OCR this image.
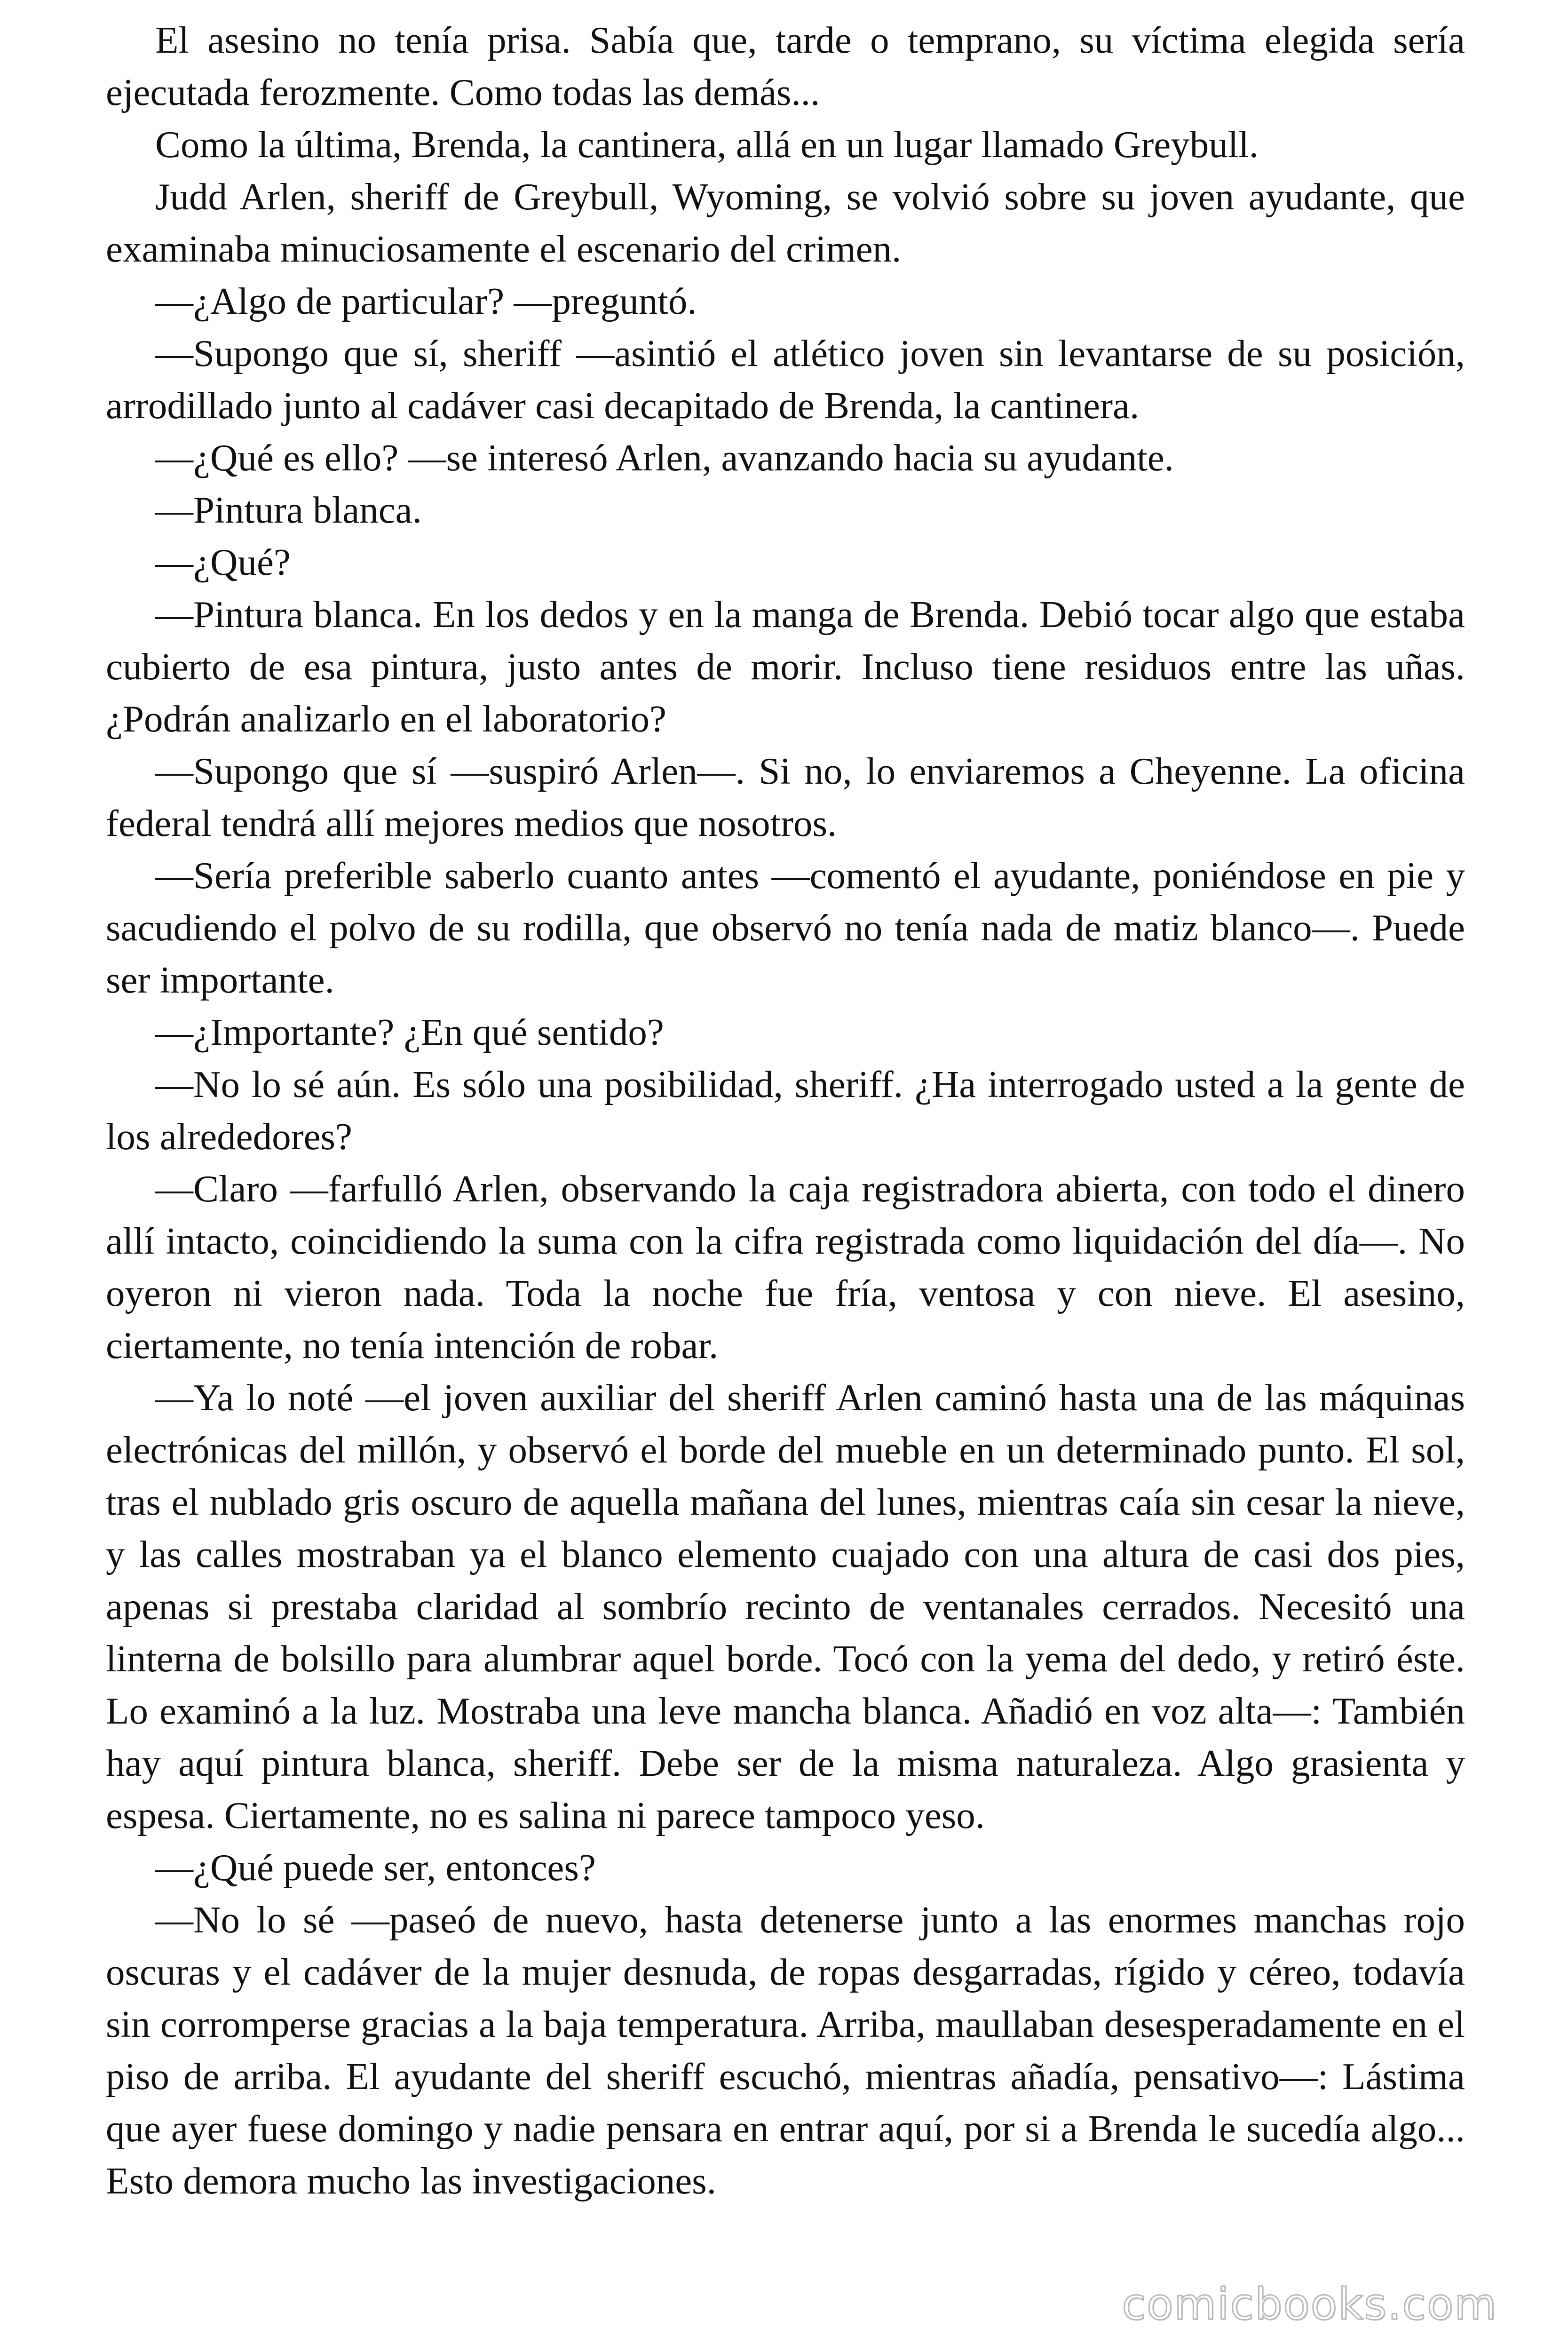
El asesino no tenía prisa. Sabía que, tarde o temprano, su víctima elegida sería ejecutada ferozmente. Como todas las demás...

Como la última, Brenda, la cantinera, allá en un lugar llamado Greybull.

Judd Arlen, sheriff de Greybull, Wyoming, se volvió sobre su joven ayudante, que examinaba minuciosamente el escenario del crimen.

—¿Algo de particular? —preguntó.

—Supongo que sí, sheriff —asintió el atlético joven sin levantarse de su posición, arrodillado junto al cadáver casi decapitado de Brenda, la cantinera.

—¿Qué es ello? —se interesó Arlen, avanzando hacia su ayudante.

—Pintura blanca.

—¿Qué?

—Pintura blanca. En los dedos y en la manga de Brenda. Debió tocar algo que estaba cubierto de esa pintura, justo antes de morir. Incluso tiene residuos entre las uñas. ¿Podrán analizarlo en el laboratorio?

—Supongo que sí —suspiró Arlen—. Si no, lo enviaremos a Cheyenne. La oficina federal tendrá allí mejores medios que nosotros.

—Sería preferible saberlo cuanto antes —comentó el ayudante, poniéndose en pie y sacudiendo el polvo de su rodilla, que observó no tenía nada de matiz blanco—. Puede ser importante.

—¿Importante? ¿En qué sentido?

—No lo sé aún. Es sólo una posibilidad, sheriff. ¿Ha interrogado usted a la gente de los alrededores?

—Claro —farfulló Arlen, observando la caja registradora abierta, con todo el dinero allí intacto, coincidiendo la suma con la cifra registrada como liquidación del día—. No oyeron ni vieron nada. Toda la noche fue fría, ventosa y con nieve. El asesino, ciertamente, no tenía intención de robar.

—Ya lo noté —el joven auxiliar del sheriff Arlen caminó hasta una de las máquinas electrónicas del millón, y observó el borde del mueble en un determinado punto. El sol, tras el nublado gris oscuro de aquella mañana del lunes, mientras caía sin cesar la nieve, y las calles mostraban ya el blanco elemento cuajado con una altura de casi dos pies, apenas si prestaba claridad al sombrío recinto de ventanales cerrados. Necesitó una linterna de bolsillo para alumbrar aquel borde. Tocó con la yema del dedo, y retiró éste. Lo examinó a la luz. Mostraba una leve mancha blanca. Añadió en voz alta—: También hay aquí pintura blanca, sheriff. Debe ser de la misma naturaleza. Algo grasienta y espesa. Ciertamente, no es salina ni parece tampoco yeso.

—¿Qué puede ser, entonces?

—No lo sé —paseó de nuevo, hasta detenerse junto a las enormes manchas rojo oscuras y el cadáver de la mujer desnuda, de ropas desgarradas, rígido y céreo, todavía sin corromperse gracias a la baja temperatura. Arriba, maullaban desesperadamente en el piso de arriba. El ayudante del sheriff escuchó, mientras añadía, pensativo—: Lástima que ayer fuese domingo y nadie pensara en entrar aquí, por si a Brenda le sucedía algo... Esto demora mucho las investigaciones.

comicbooks.com
